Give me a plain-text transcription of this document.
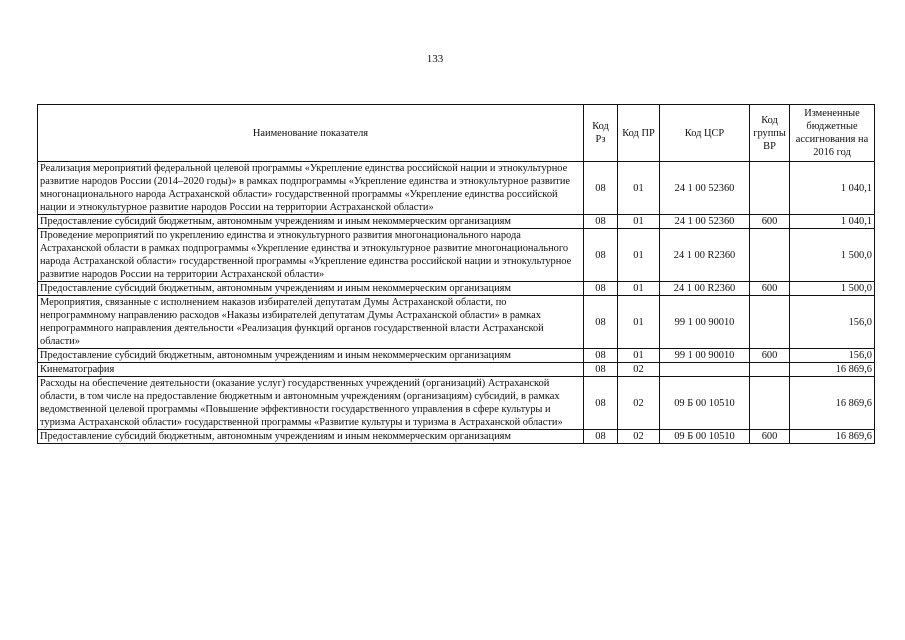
133
Наименование показателя	Код Рз	Код ПР	Код ЦСР	Код группы ВР	Измененные бюджетные ассигнования на 2016 год
Реализация мероприятий федеральной целевой программы «Укрепление единства российской нации и этнокультурное развитие народов России (2014–2020 годы)» в рамках подпрограммы «Укрепление единства и этнокультурное развитие многонационального народа Астраханской области» государственной программы «Укрепление единства российской нации и этнокультурное развитие народов России на территории Астраханской области»	08	01	24 1 00 52360		1 040,1
Предоставление субсидий бюджетным, автономным учреждениям и иным некоммерческим организациям	08	01	24 1 00 52360	600	1 040,1
Проведение мероприятий по укреплению единства и этнокультурного развития многонационального народа Астраханской области в рамках подпрограммы «Укрепление единства и этнокультурное развитие многонационального народа Астраханской области» государственной программы «Укрепление единства российской нации и этнокультурное развитие народов России на территории Астраханской области»	08	01	24 1 00 R2360		1 500,0
Предоставление субсидий бюджетным, автономным учреждениям и иным некоммерческим организациям	08	01	24 1 00 R2360	600	1 500,0
Мероприятия, связанные с исполнением наказов избирателей депутатам Думы Астраханской области, по непрограммному направлению расходов «Наказы избирателей депутатам Думы Астраханской области» в рамках непрограммного направления деятельности «Реализация функций органов государственной власти Астраханской области»	08	01	99 1 00 90010		156,0
Предоставление субсидий бюджетным, автономным учреждениям и иным некоммерческим организациям	08	01	99 1 00 90010	600	156,0
Кинематография	08	02			16 869,6
Расходы на обеспечение деятельности (оказание услуг) государственных учреждений (организаций) Астраханской области, в том числе на предоставление бюджетным и автономным учреждениям (организациям) субсидий, в рамках ведомственной целевой программы «Повышение эффективности государственного управления в сфере культуры и туризма Астраханской области» государственной программы «Развитие культуры и туризма в Астраханской области»	08	02	09 Б 00 10510		16 869,6
Предоставление субсидий бюджетным, автономным учреждениям и иным некоммерческим организациям	08	02	09 Б 00 10510	600	16 869,6
